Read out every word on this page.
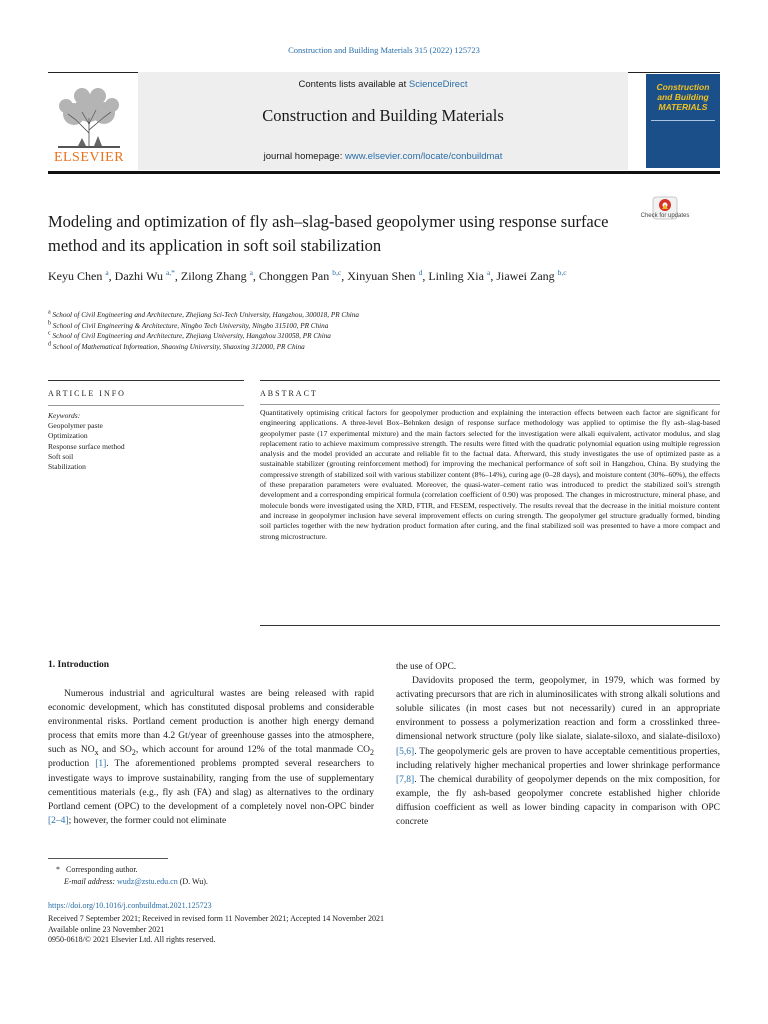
Construction and Building Materials 315 (2022) 125723
ELSEVIER
Contents lists available at ScienceDirect
Construction and Building Materials
journal homepage: www.elsevier.com/locate/conbuildmat
Construction and Building MATERIALS
Modeling and optimization of fly ash–slag-based geopolymer using response surface method and its application in soft soil stabilization
Check for updates
Keyu Chen $^a$, Dazhi Wu $^{a,*}$, Zilong Zhang $^a$, Chonggen Pan $^{b,c}$, Xinyuan Shen $^d$, Linling Xia $^a$, Jiawei Zang $^{b,c}$
$^a$ School of Civil Engineering and Architecture, Zhejiang Sci-Tech University, Hangzhou, 300018, PR China
$^b$ School of Civil Engineering & Architecture, Ningbo Tech University, Ningbo 315100, PR China
$^c$ School of Civil Engineering and Architecture, Zhejiang University, Hangzhou 310058, PR China
$^d$ School of Mathematical Information, Shaoxing University, Shaoxing 312000, PR China
ARTICLE INFO	ABSTRACT
Keywords:
Geopolymer paste
Optimization
Response surface method
Soft soil
Stabilization
Quantitatively optimising critical factors for geopolymer production and explaining the interaction effects between each factor are significant for engineering applications. A three-level Box–Behnken design of response surface methodology was applied to optimise the fly ash–slag-based geopolymer paste (17 experimental mixture) and the main factors selected for the investigation were alkali equivalent, activator modulus, and slag replacement ratio to achieve maximum compressive strength. The results were fitted with the quadratic polynomial equation using multiple regression analysis and the model provided an accurate and reliable fit to the factual data. Afterward, this study investigates the use of optimized paste as a sustainable stabilizer (grouting reinforcement method) for improving the mechanical performance of soft soil in Hangzhou, China. By studying the compressive strength of stabilized soil with various stabilizer content (8%–14%), curing age (0–28 days), and moisture content (30%–60%), the effects of these preparation parameters were evaluated. Moreover, the quasi-water–cement ratio was introduced to predict the stabilized soil's strength development and a corresponding empirical formula (correlation coefficient of 0.90) was proposed. The changes in microstructure, mineral phase, and molecule bonds were investigated using the XRD, FTIR, and FESEM, respectively. The results reveal that the decrease in the initial moisture content and increase in geopolymer inclusion have several improvement effects on curing strength. The geopolymer gel structure gradually formed, binding soil particles together with the new hydration product formation after curing, and the final stabilized soil was presented to have a more compact and strong microstructure.
1. Introduction
Numerous industrial and agricultural wastes are being released with rapid economic development, which has constituted disposal problems and considerable environmental risks. Portland cement production is another high energy demand process that emits more than 4.2 Gt/year of greenhouse gasses into the atmosphere, such as $NO_x$ and $SO_2$, which account for around 12% of the total manmade $CO_2$ production [1]. The aforementioned problems prompted several researchers to investigate ways to improve sustainability, ranging from the use of supplementary cementitious materials (e.g., fly ash (FA) and slag) as alternatives to the ordinary Portland cement (OPC) to the development of a completely novel non-OPC binder [2–4]; however, the former could not eliminate

the use of OPC.

Davidovits proposed the term, geopolymer, in 1979, which was formed by activating precursors that are rich in aluminosilicates with strong alkali solutions and soluble silicates (in most cases but not necessarily) cured in an appropriate environment to possess a polymerization reaction and form a crosslinked three-dimensional network structure (poly like sialate, sialate-siloxo, and sialate-disiloxo) [5,6]. The geopolymeric gels are proven to have acceptable cementitious properties, including relatively higher mechanical properties and lower shrinkage performance [7,8]. The chemical durability of geopolymer depends on the mix composition, for example, the fly ash-based geopolymer concrete established higher chloride diffusion coefficient as well as lower binding capacity in comparison with OPC concrete

* Corresponding author.
E-mail address: wudz@zstu.edu.cn (D. Wu).
https://doi.org/10.1016/j.conbuildmat.2021.125723
Received 7 September 2021; Received in revised form 11 November 2021; Accepted 14 November 2021
Available online 23 November 2021
0950-0618/© 2021 Elsevier Ltd. All rights reserved.
